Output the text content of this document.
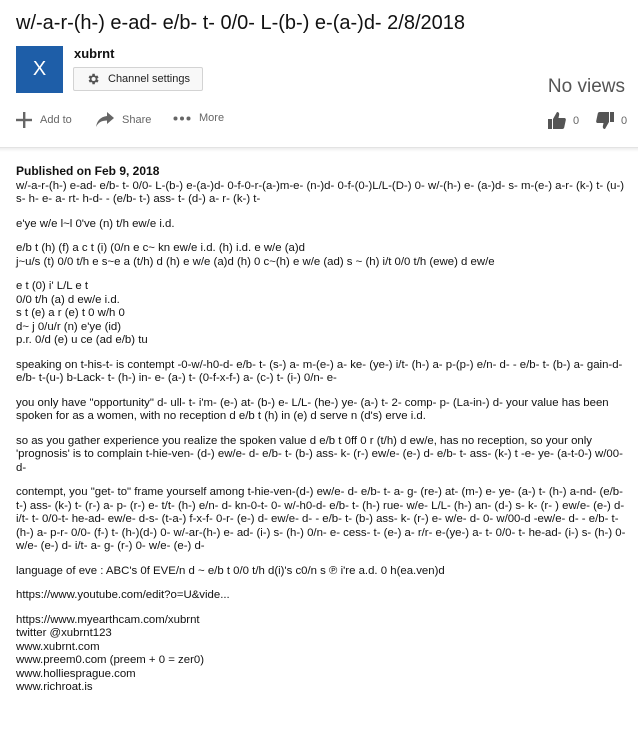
w/-a-r-(h-) e-ad- e/b- t- 0/0- L-(b-) e-(a-)d- 2/8/2018
X
xubrnt
Channel settings	No views
Add to	Share	More	0	0
Published on Feb 9, 2018

w/-a-r-(h-) e-ad- e/b- t- 0/0- L-(b-) e-(a-)d- 0-f-0-r-(a-)m-e- (n-)d- 0-f-(0-)L/L-(D-) 0- w/-(h-) e- (a-)d- s- m-(e-) a-r- (k-) t- (u-) s- h- e- a- rt- h-d- - (e/b- t-) ass- t- (d-) a- r- (k-) t-

e'ye w/e l~l 0've (n) t/h ew/e i.d.

e/b t (h) (f) a c t (i) (0/n e c~ kn ew/e i.d. (h) i.d. e w/e (a)d
j~u/s (t) 0/0 t/h e s~e a (t/h) d (h) e w/e (a)d (h) 0 c~(h) e w/e (ad) s ~ (h) i/t 0/0 t/h (ewe) d ew/e

e t (0) i' L/L e t
0/0 t/h (a) d ew/e i.d.
s t (e) a r (e) t 0 w/h 0
d~ j 0/u/r (n) e'ye (id)
p.r. 0/d (e) u ce (ad e/b) tu

speaking on t-his-t- is contempt -0-w/-h0-d- e/b- t- (s-) a- m-(e-) a- ke- (ye-) i/t- (h-) a- p-(p-) e/n- d- - e/b- t- (b-) a- gain-d- e/b- t-(u-) b-Lack- t- (h-) in- e- (a-) t- (0-f-x-f-) a- (c-) t- (i-) 0/n- e-

you only have "opportunity" d- ull- t- i'm- (e-) at- (b-) e- L/L- (he-) ye- (a-) t- 2- comp- p- (La-in-) d- your value has been spoken for as a women, with no reception d e/b t (h) in (e) d serve n (d's) erve i.d.

so as you gather experience you realize the spoken value d e/b t 0ff 0 r (t/h) d ew/e, has no reception, so your only 'prognosis' is to complain t-hie-ven- (d-) ew/e- d- e/b- t- (b-) ass- k- (r-) ew/e- (e-) d- e/b- t- ass- (k-) t -e- ye- (a-t-0-) w/00- d-

contempt, you "get- to" frame yourself among t-hie-ven-(d-) ew/e- d- e/b- t- a- g- (re-) at- (m-) e- ye- (a-) t- (h-) a-nd- (e/b- t-) ass- (k-) t- (r-) a- p- (r-) e- t/t- (h-) e/n- d- kn-0-t- 0- w/-h0-d- e/b- t- (h-) rue- w/e- L/L- (h-) an- (d-) s- k- (r- ) ew/e- (e-) d- i/t- t- 0/0-t- he-ad- ew/e- d-s- (t-a-) f-x-f- 0-r- (e-) d- ew/e- d- - e/b- t- (b-) ass- k- (r-) e- w/e- d- 0- w/00-d -ew/e- d- - e/b- t- (h-) a- p-r- 0/0- (f-) t- (h-)(d-) 0- w/-ar-(h-) e- ad- (i-) s- (h-) 0/n- e- cess- t- (e-) a- r/r- e-(ye-) a- t- 0/0- t- he-ad- (i-) s- (h-) 0- w/e- (e-) d- i/t- a- g- (r-) 0- w/e- (e-) d-

language of eve : ABC's 0f EVE/n d ~ e/b t 0/0 t/h d(i)'s c0/n s ℗ i're a.d. 0 h(ea.ven)d

https://www.youtube.com/edit?o=U&vide...

https://www.myearthcam.com/xubrnt
twitter @xubrnt123
www.xubrnt.com
www.preem0.com (preem + 0 = zer0)
www.holliesprague.com
www.richroat.is
